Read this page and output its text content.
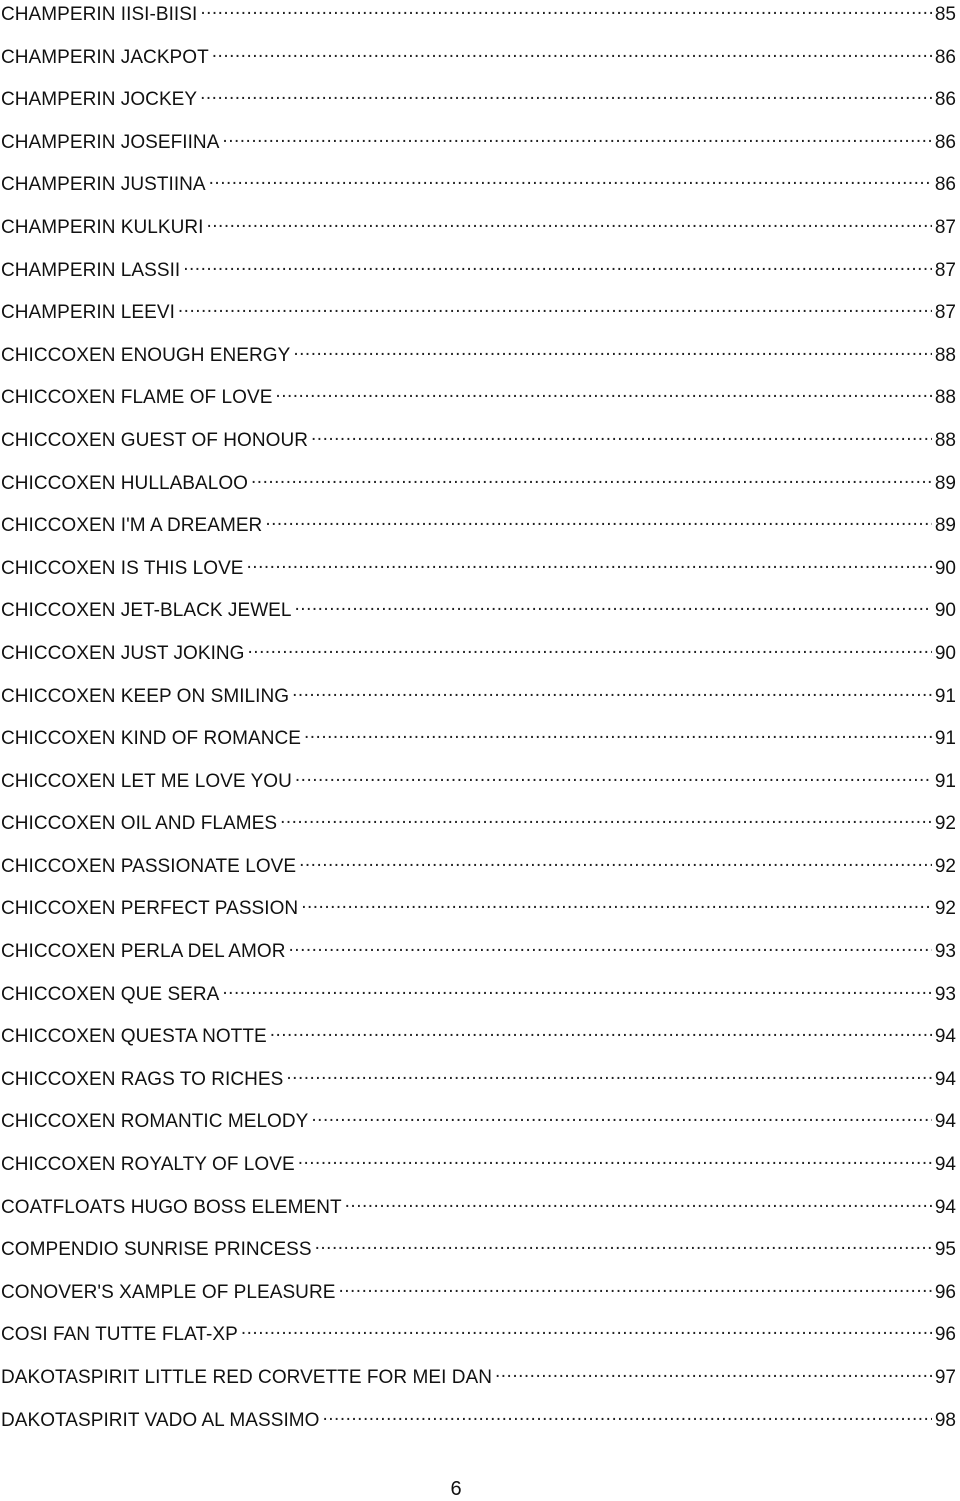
CHAMPERIN IISI-BIISI .....	85
CHAMPERIN JACKPOT .....	86
CHAMPERIN JOCKEY .....	86
CHAMPERIN JOSEFIINA .....	86
CHAMPERIN JUSTIINA .....	86
CHAMPERIN KULKURI .....	87
CHAMPERIN LASSII .....	87
CHAMPERIN LEEVI .....	87
CHICCOXEN ENOUGH ENERGY .....	88
CHICCOXEN FLAME OF LOVE .....	88
CHICCOXEN GUEST OF HONOUR .....	88
CHICCOXEN HULLABALOO .....	89
CHICCOXEN I'M A DREAMER .....	89
CHICCOXEN IS THIS LOVE .....	90
CHICCOXEN JET-BLACK JEWEL .....	90
CHICCOXEN JUST JOKING .....	90
CHICCOXEN KEEP ON SMILING .....	91
CHICCOXEN KIND OF ROMANCE .....	91
CHICCOXEN LET ME LOVE YOU .....	91
CHICCOXEN OIL AND FLAMES .....	92
CHICCOXEN PASSIONATE LOVE .....	92
CHICCOXEN PERFECT PASSION .....	92
CHICCOXEN PERLA DEL AMOR .....	93
CHICCOXEN QUE SERA .....	93
CHICCOXEN QUESTA NOTTE .....	94
CHICCOXEN RAGS TO RICHES .....	94
CHICCOXEN ROMANTIC MELODY .....	94
CHICCOXEN ROYALTY OF LOVE .....	94
COATFLOATS HUGO BOSS ELEMENT .....	94
COMPENDIO SUNRISE PRINCESS .....	95
CONOVER'S XAMPLE OF PLEASURE .....	96
COSI FAN TUTTE FLAT-XP .....	96
DAKOTASPIRIT LITTLE RED CORVETTE FOR MEI DAN .....	97
DAKOTASPIRIT VADO AL MASSIMO .....	98
6
